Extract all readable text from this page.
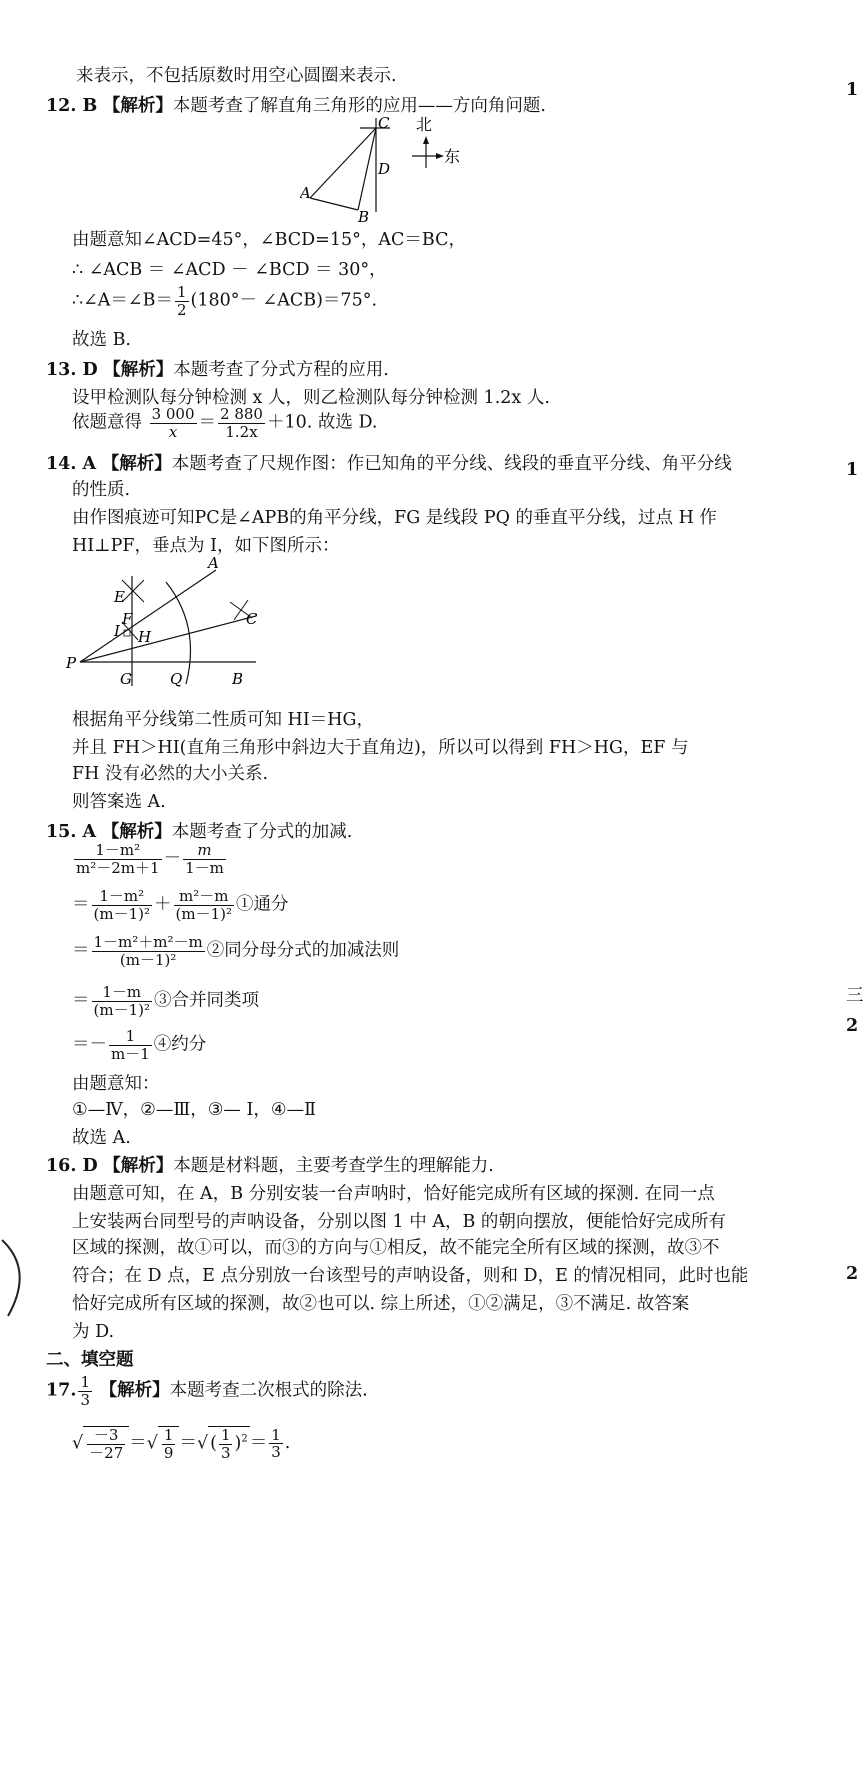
来表示，不包括原数时用空心圆圈来表示.
12. B 【解析】本题考查了解直角三角形的应用——方向角问题.
C
D
A
B
北
东
由题意知∠ACD=45°，∠BCD=15°，AC＝BC，
∴ ∠ACB ＝ ∠ACD － ∠BCD ＝ 30°，
∴∠A＝∠B＝ $\frac{1}{2} (180^\circ-$ ∠ACB)＝75°.
故选 B.
13. D 【解析】本题考查了分式方程的应用.
设甲检测队每分钟检测 x 人，则乙检测队每分钟检测 1.2x 人.
依题意得 $\frac{3 000}{x} = \frac{2 880}{1.2x} +10$. 故选 D.
14. A 【解析】本题考查了尺规作图：作已知角的平分线、线段的垂直平分线、角平分线
的性质.
由作图痕迹可知PC是∠APB的角平分线，FG 是线段 PQ 的垂直平分线，过点 H 作
HI⊥PF，垂点为 I，如下图所示：
A
E
F
I H
C
P
G	Q	B
根据角平分线第二性质可知 HI＝HG，
并且 FH＞HI(直角三角形中斜边大于直角边)，所以可以得到 FH＞HG，EF 与
FH 没有必然的大小关系.
则答案选 A.
15. A 【解析】本题考查了分式的加减.
$\frac{\text{1－m²}}{\text{m²－2m＋1}} - \frac{m}{1-m}$
＝ $\frac{\text{1－m²}}{\text{(m－1)²}} + \frac{\text{m²－m}}{\text{(m－1)²}}$ ①通分
＝ $\frac{\text{1－m²＋m²－m}}{\text{(m－1)²}}$ ②同分母分式的加减法则
＝ $\frac{1-m}{\text{(m－1)²}}$ ③合并同类项
＝－ $\frac{1}{m-1}$ ④约分
由题意知：
①—Ⅳ，②—Ⅲ，③— Ⅰ，④—Ⅱ
故选 A.
16. D 【解析】本题是材料题，主要考查学生的理解能力.
由题意可知，在 A，B 分别安装一台声呐时，恰好能完成所有区域的探测. 在同一点
上安装两台同型号的声呐设备，分别以图 1 中 A，B 的朝向摆放，便能恰好完成所有
区域的探测，故①可以，而③的方向与①相反，故不能完全所有区域的探测，故③不
符合；在 D 点，E 点分别放一台该型号的声呐设备，则和 D，E 的情况相同，此时也能
恰好完成所有区域的探测，故②也可以. 综上所述，①②满足，③不满足. 故答案
为 D.
二、填空题
17. $\frac{1}{3}$ 【解析】本题考查二次根式的除法.
√ $\frac{-3}{-27}$ ＝√ $\frac{1}{9}$ ＝√ ( $\frac{1}{3} )^2 = \frac{1}{3}$ .
1
1
三
2
2
